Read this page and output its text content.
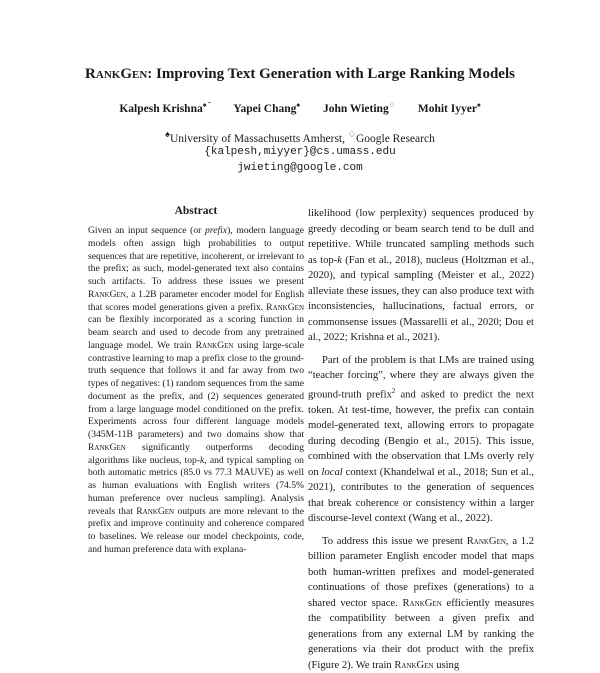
RankGen: Improving Text Generation with Large Ranking Models
Kalpesh Krishna♠ ˜ Yapei Chang♠ John Wieting♢ Mohit Iyyer♠
♠University of Massachusetts Amherst, ♢Google Research
{kalpesh,miyyer}@cs.umass.edu
jwieting@google.com
Abstract
Given an input sequence (or prefix), modern language models often assign high probabilities to output sequences that are repetitive, incoherent, or irrelevant to the prefix; as such, model-generated text also contains such artifacts. To address these issues we present RankGen, a 1.2B parameter encoder model for English that scores model generations given a prefix. RankGen can be flexibly incorporated as a scoring function in beam search and used to decode from any pretrained language model. We train RankGen using large-scale contrastive learning to map a prefix close to the ground-truth sequence that follows it and far away from two types of negatives: (1) random sequences from the same document as the prefix, and (2) sequences generated from a large language model conditioned on the prefix. Experiments across four different language models (345M-11B parameters) and two domains show that RankGen significantly outperforms decoding algorithms like nucleus, top-k, and typical sampling on both automatic metrics (85.0 vs 77.3 MAUVE) as well as human evaluations with English writers (74.5% human preference over nucleus sampling). Analysis reveals that RankGen outputs are more relevant to the prefix and improve continuity and coherence compared to baselines. We release our model checkpoints, code, and human preference data with explana-

likelihood (low perplexity) sequences produced by greedy decoding or beam search tend to be dull and repetitive. While truncated sampling methods such as top-k (Fan et al., 2018), nucleus (Holtzman et al., 2020), and typical sampling (Meister et al., 2022) alleviate these issues, they can also produce text with inconsistencies, hallucinations, factual errors, or commonsense issues (Massarelli et al., 2020; Dou et al., 2022; Krishna et al., 2021).

Part of the problem is that LMs are trained using “teacher forcing”, where they are always given the ground-truth prefix$^2$ and asked to predict the next token. At test-time, however, the prefix can contain model-generated text, allowing errors to propagate during decoding (Bengio et al., 2015). This issue, combined with the observation that LMs overly rely on local context (Khandelwal et al., 2018; Sun et al., 2021), contributes to the generation of sequences that break coherence or consistency within a larger discourse-level context (Wang et al., 2022).

To address this issue we present RankGen, a 1.2 billion parameter English encoder model that maps both human-written prefixes and model-generated continuations of those prefixes (generations) to a shared vector space. RankGen efficiently measures the compatibility between a given prefix and generations from any external LM by ranking the generations via their dot product with the prefix (Figure 2). We train RankGen using
